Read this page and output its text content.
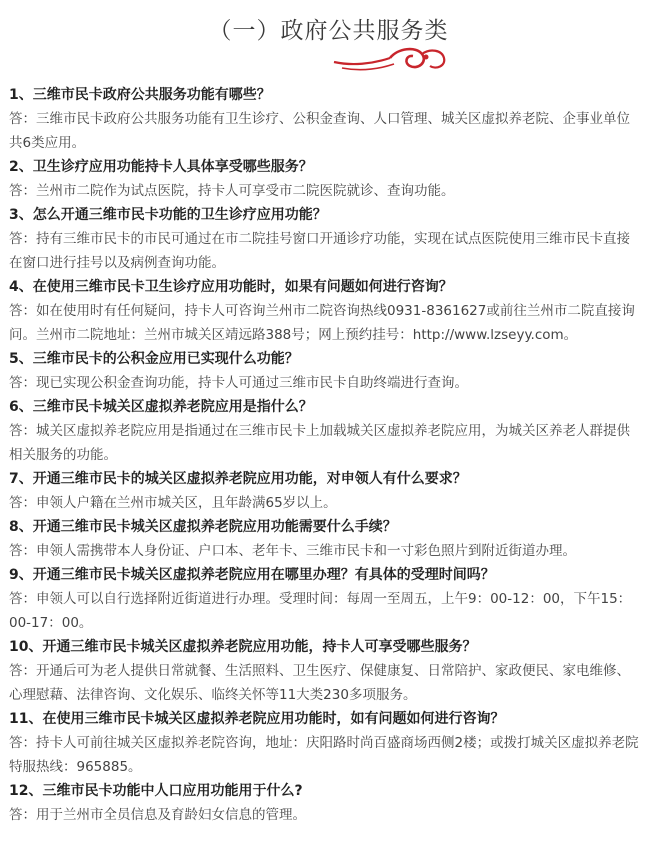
（一）政府公共服务类
1、三维市民卡政府公共服务功能有哪些？
答：三维市民卡政府公共服务功能有卫生诊疗、公积金查询、人口管理、城关区虚拟养老院、企事业单位共6类应用。
2、卫生诊疗应用功能持卡人具体享受哪些服务？
答：兰州市二院作为试点医院，持卡人可享受市二院医院就诊、查询功能。
3、怎么开通三维市民卡功能的卫生诊疗应用功能？
答：持有三维市民卡的市民可通过在市二院挂号窗口开通诊疗功能，实现在试点医院使用三维市民卡直接在窗口进行挂号以及病例查询功能。
4、在使用三维市民卡卫生诊疗应用功能时，如果有问题如何进行咨询？
答：如在使用时有任何疑问，持卡人可咨询兰州市二院咨询热线0931-8361627或前往兰州市二院直接询问。兰州市二院地址：兰州市城关区靖远路388号；网上预约挂号：http://www.lzseyy.com。
5、三维市民卡的公积金应用已实现什么功能？
答：现已实现公积金查询功能，持卡人可通过三维市民卡自助终端进行查询。
6、三维市民卡城关区虚拟养老院应用是指什么？
答：城关区虚拟养老院应用是指通过在三维市民卡上加载城关区虚拟养老院应用，为城关区养老人群提供相关服务的功能。
7、开通三维市民卡的城关区虚拟养老院应用功能，对申领人有什么要求？
答：申领人户籍在兰州市城关区，且年龄满65岁以上。
8、开通三维市民卡城关区虚拟养老院应用功能需要什么手续？
答：申领人需携带本人身份证、户口本、老年卡、三维市民卡和一寸彩色照片到附近街道办理。
9、开通三维市民卡城关区虚拟养老院应用在哪里办理？有具体的受理时间吗？
答：申领人可以自行选择附近街道进行办理。受理时间：每周一至周五，上午9：00-12：00，下午15：00-17：00。
10、开通三维市民卡城关区虚拟养老院应用功能，持卡人可享受哪些服务？
答：开通后可为老人提供日常就餐、生活照料、卫生医疗、保健康复、日常陪护、家政便民、家电维修、心理慰藉、法律咨询、文化娱乐、临终关怀等11大类230多项服务。
11、在使用三维市民卡城关区虚拟养老院应用功能时，如有问题如何进行咨询？
答：持卡人可前往城关区虚拟养老院咨询，地址：庆阳路时尚百盛商场西侧2楼；或拨打城关区虚拟养老院特服热线：965885。
12、三维市民卡功能中人口应用功能用于什么?
答：用于兰州市全员信息及育龄妇女信息的管理。
